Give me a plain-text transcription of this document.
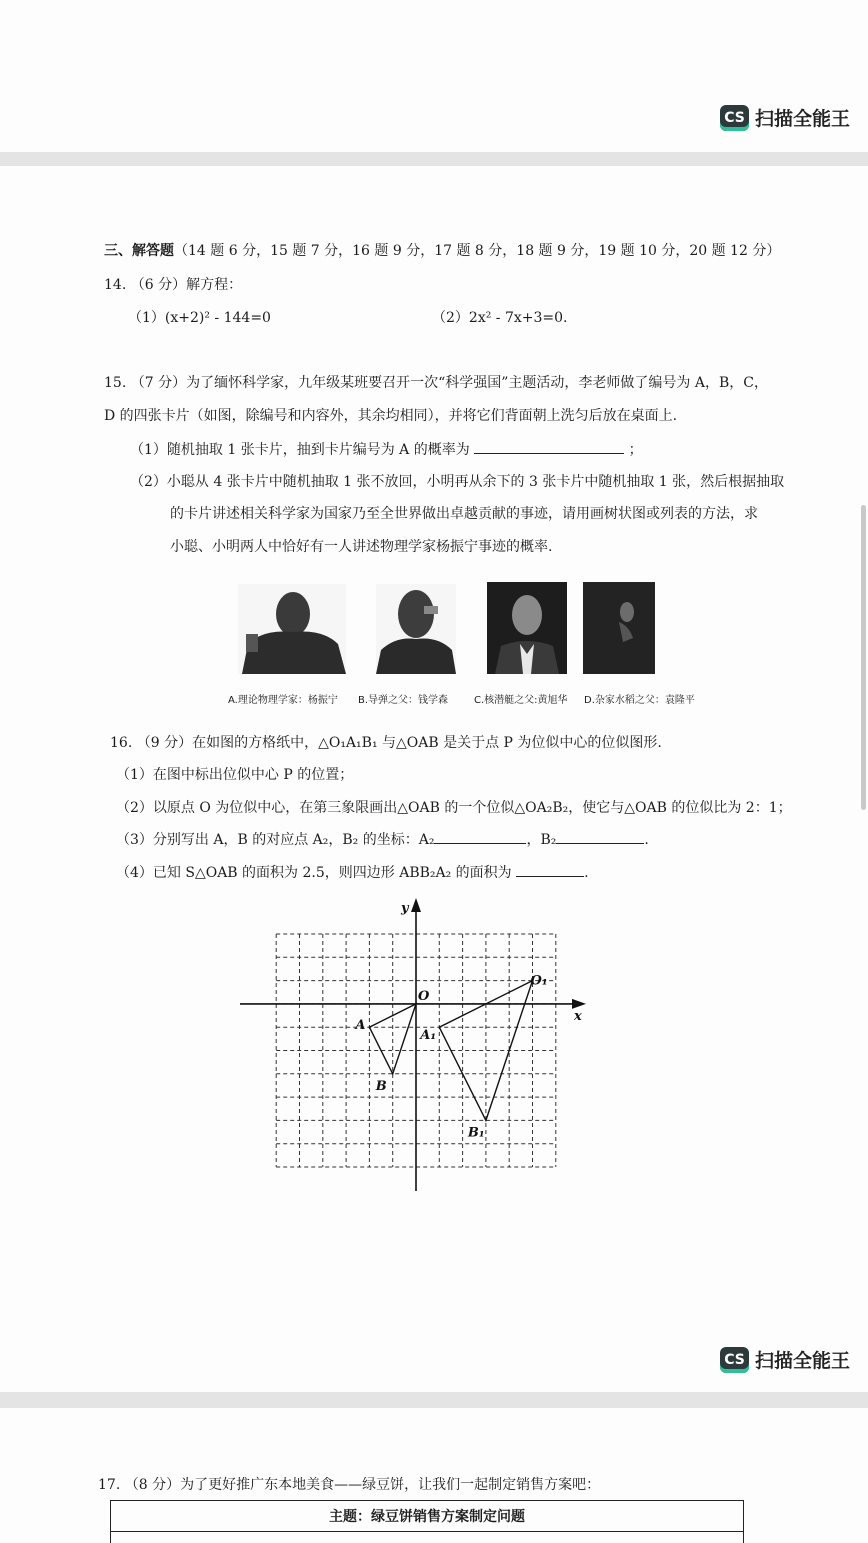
CS 扫描全能王
三、解答题（14 题 6 分，15 题 7 分，16 题 9 分，17 题 8 分，18 题 9 分，19 题 10 分，20 题 12 分）
14. （6 分）解方程：
（1）(x+2)² - 144=0	（2）2x² - 7x+3=0.
15. （7 分）为了缅怀科学家，九年级某班要召开一次“科学强国”主题活动，李老师做了编号为 A，B，C，
D 的四张卡片（如图，除编号和内容外，其余均相同），并将它们背面朝上洗匀后放在桌面上.
（1）随机抽取 1 张卡片，抽到卡片编号为 A 的概率为	；
（2）小聪从 4 张卡片中随机抽取 1 张不放回，小明再从余下的 3 张卡片中随机抽取 1 张，然后根据抽取
的卡片讲述相关科学家为国家乃至全世界做出卓越贡献的事迹，请用画树状图或列表的方法，求
小聪、小明两人中恰好有一人讲述物理学家杨振宁事迹的概率.
A.理论物理学家：杨振宁 B.导弹之父：钱学森	C.核潜艇之父:黄旭华 D.杂家水稻之父：袁隆平
16. （9 分）在如图的方格纸中，△O₁A₁B₁ 与△OAB 是关于点 P 为位似中心的位似图形.
（1）在图中标出位似中心 P 的位置；
（2）以原点 O 为位似中心，在第三象限画出△OAB 的一个位似△OA₂B₂，使它与△OAB 的位似比为 2：1；
（3）分别写出 A，B 的对应点 A₂，B₂ 的坐标：A₂	，B₂	.
（4）已知 S△OAB 的面积为 2.5，则四边形 ABB₂A₂ 的面积为	.
x
y
O
A
B
O₁
A₁
B₁
CS 扫描全能王
17. （8 分）为了更好推广东本地美食——绿豆饼，让我们一起制定销售方案吧：
主题：绿豆饼销售方案制定问题
